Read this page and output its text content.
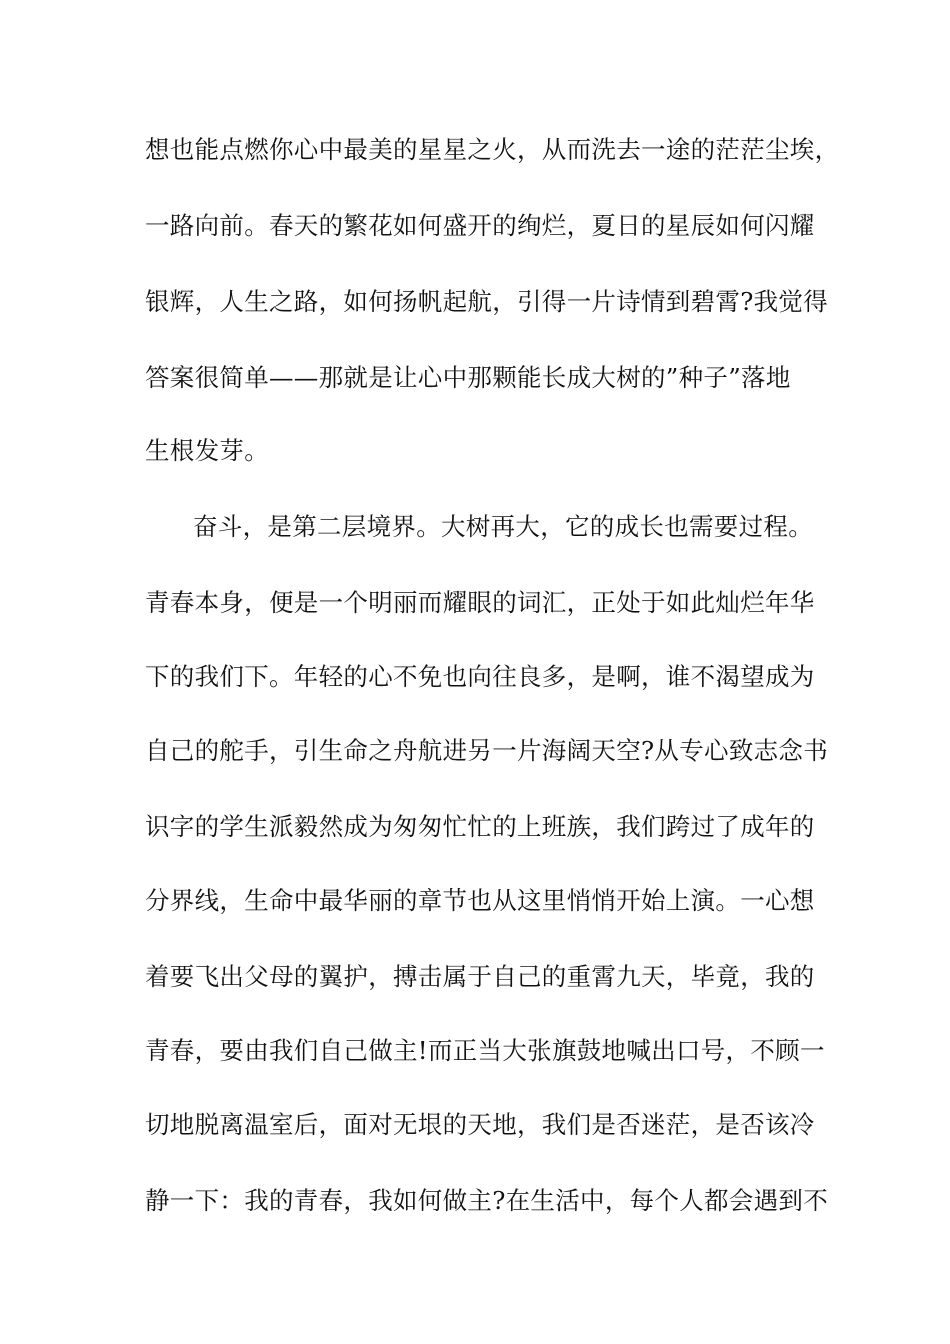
想也能点燃你心中最美的星星之火，从而洗去一途的茫茫尘埃，
一路向前。春天的繁花如何盛开的绚烂，夏日的星辰如何闪耀
银辉，人生之路，如何扬帆起航，引得一片诗情到碧霄?我觉得
答案很简单——那就是让心中那颗能长成大树的”种子”落地
生根发芽。
奋斗，是第二层境界。大树再大，它的成长也需要过程。
青春本身，便是一个明丽而耀眼的词汇，正处于如此灿烂年华
下的我们下。年轻的心不免也向往良多，是啊，谁不渴望成为
自己的舵手，引生命之舟航进另一片海阔天空?从专心致志念书
识字的学生派毅然成为匆匆忙忙的上班族，我们跨过了成年的
分界线，生命中最华丽的章节也从这里悄悄开始上演。一心想
着要飞出父母的翼护，搏击属于自己的重霄九天，毕竟，我的
青春，要由我们自己做主!而正当大张旗鼓地喊出口号，不顾一
切地脱离温室后，面对无垠的天地，我们是否迷茫，是否该冷
静一下：我的青春，我如何做主?在生活中，每个人都会遇到不
